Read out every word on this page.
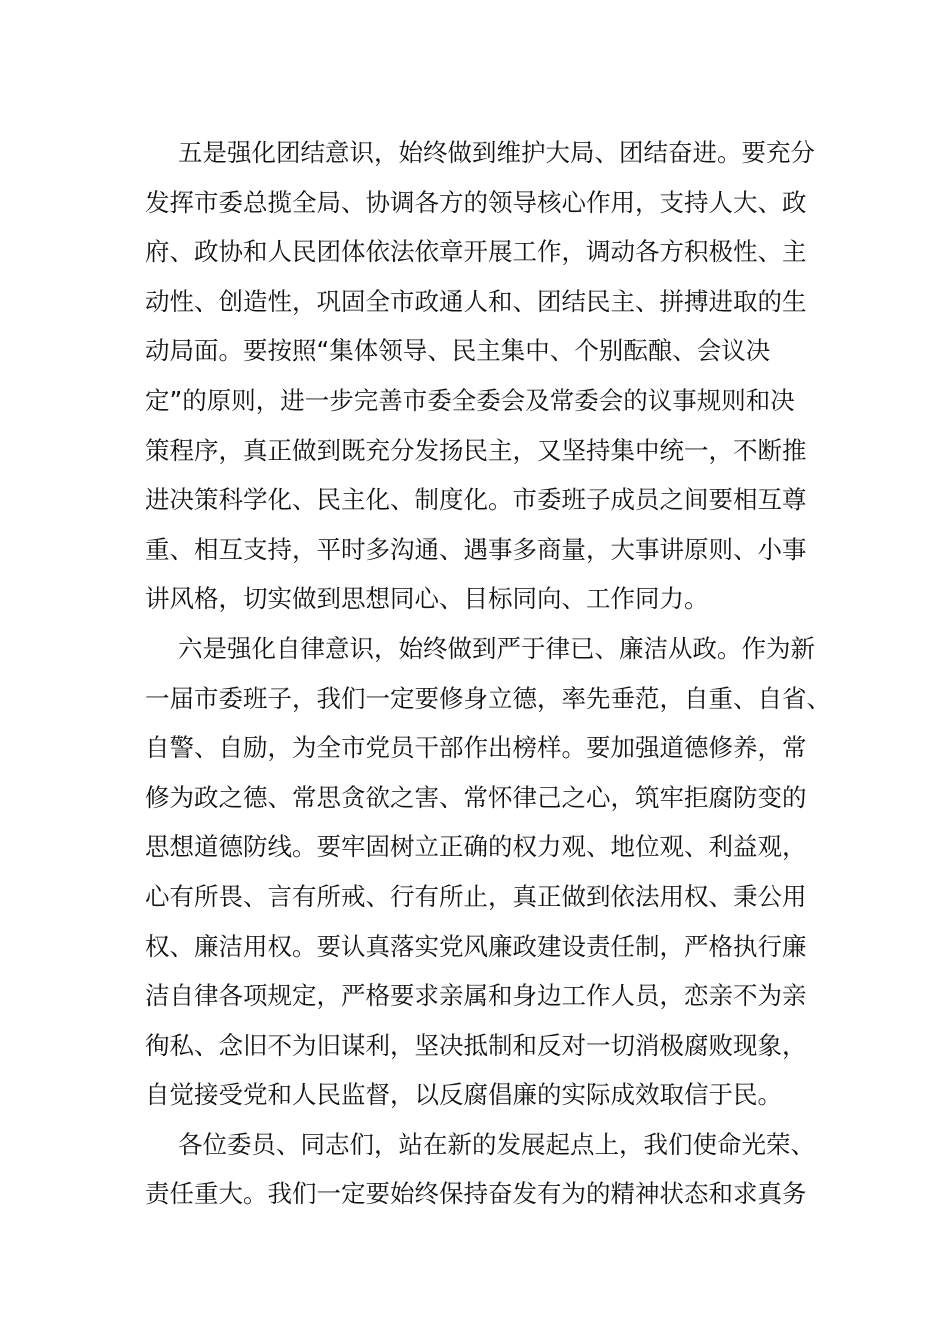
五是强化团结意识，始终做到维护大局、团结奋进。要充分
发挥市委总揽全局、协调各方的领导核心作用，支持人大、政
府、政协和人民团体依法依章开展工作，调动各方积极性、主
动性、创造性，巩固全市政通人和、团结民主、拼搏进取的生
动局面。要按照“集体领导、民主集中、个别酝酿、会议决
定”的原则，进一步完善市委全委会及常委会的议事规则和决
策程序，真正做到既充分发扬民主，又坚持集中统一，不断推
进决策科学化、民主化、制度化。市委班子成员之间要相互尊
重、相互支持，平时多沟通、遇事多商量，大事讲原则、小事
讲风格，切实做到思想同心、目标同向、工作同力。
六是强化自律意识，始终做到严于律已、廉洁从政。作为新
一届市委班子，我们一定要修身立德，率先垂范，自重、自省、
自警、自励，为全市党员干部作出榜样。要加强道德修养，常
修为政之德、常思贪欲之害、常怀律己之心，筑牢拒腐防变的
思想道德防线。要牢固树立正确的权力观、地位观、利益观，
心有所畏、言有所戒、行有所止，真正做到依法用权、秉公用
权、廉洁用权。要认真落实党风廉政建设责任制，严格执行廉
洁自律各项规定，严格要求亲属和身边工作人员，恋亲不为亲
徇私、念旧不为旧谋利，坚决抵制和反对一切消极腐败现象，
自觉接受党和人民监督，以反腐倡廉的实际成效取信于民。
各位委员、同志们，站在新的发展起点上，我们使命光荣、
责任重大。我们一定要始终保持奋发有为的精神状态和求真务
